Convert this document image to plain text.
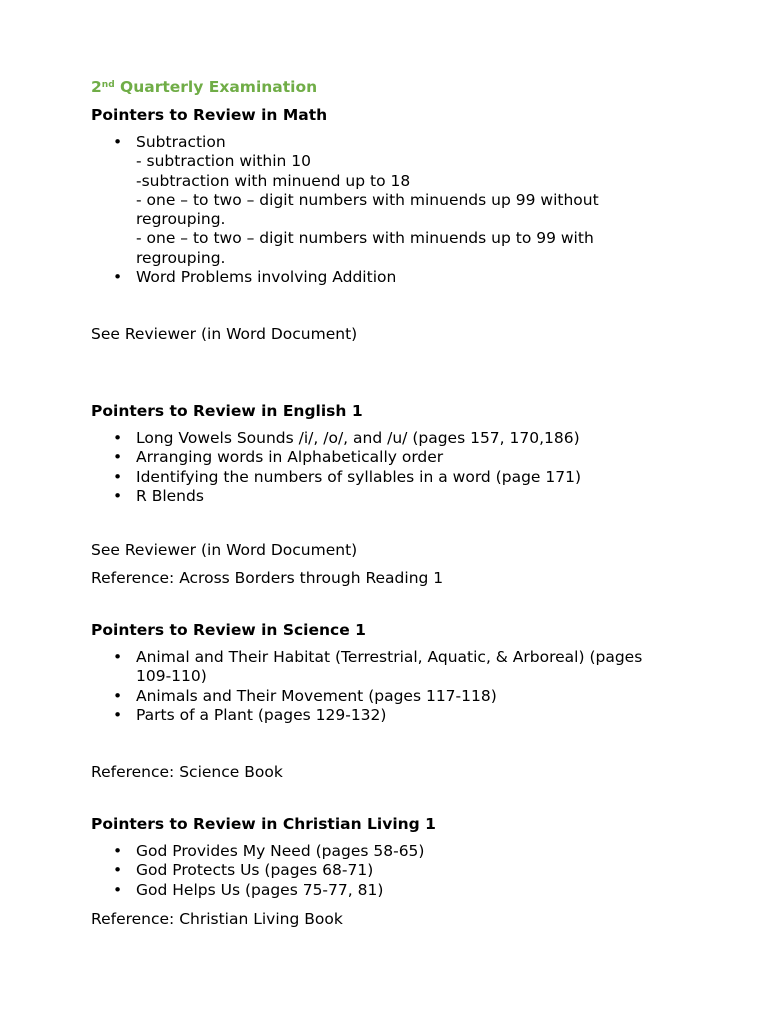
2nd Quarterly Examination
Pointers to Review in Math
• Subtraction
- subtraction within 10
-subtraction with minuend up to 18
- one – to two – digit numbers with minuends up 99 without regrouping.
- one – to two – digit numbers with minuends up to 99 with regrouping.
• Word Problems involving Addition
See Reviewer (in Word Document)
Pointers to Review in English 1
• Long Vowels Sounds /i/, /o/, and /u/ (pages 157, 170,186)
• Arranging words in Alphabetically order
• Identifying the numbers of syllables in a word (page 171)
• R Blends
See Reviewer (in Word Document)
Reference: Across Borders through Reading 1
Pointers to Review in Science 1
• Animal and Their Habitat (Terrestrial, Aquatic, & Arboreal) (pages 109-110)
• Animals and Their Movement (pages 117-118)
• Parts of a Plant (pages 129-132)
Reference: Science Book
Pointers to Review in Christian Living 1
• God Provides My Need (pages 58-65)
• God Protects Us (pages 68-71)
• God Helps Us (pages 75-77, 81)
Reference: Christian Living Book
